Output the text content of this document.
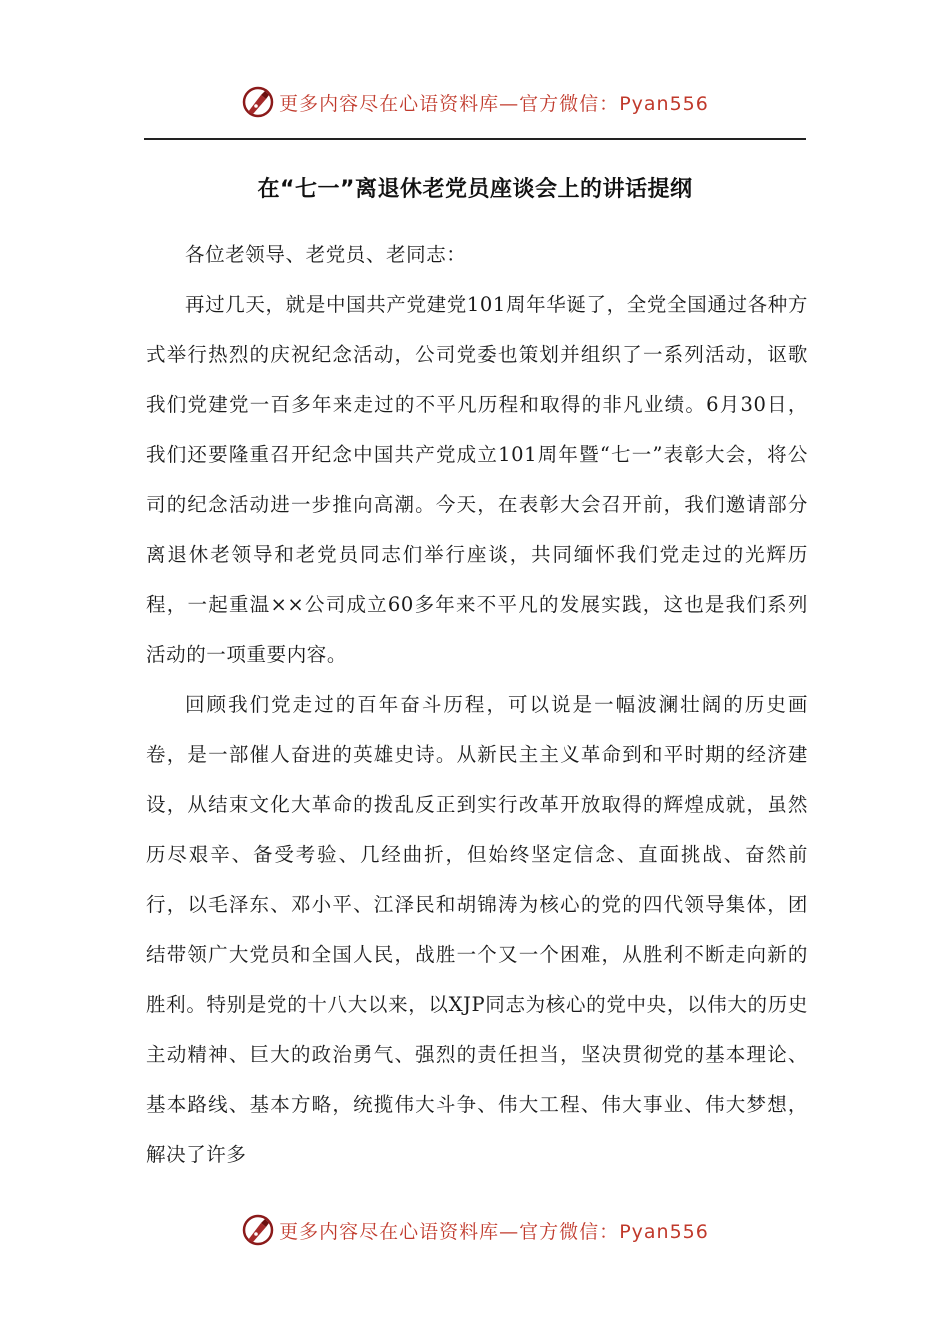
更多内容尽在心语资料库—官方微信：Pyan556
在“七一”离退休老党员座谈会上的讲话提纲

各位老领导、老党员、老同志：

再过几天，就是中国共产党建党101周年华诞了，全党全国通过各种方式举行热烈的庆祝纪念活动，公司党委也策划并组织了一系列活动，讴歌我们党建党一百多年来走过的不平凡历程和取得的非凡业绩。6月30日，我们还要隆重召开纪念中国共产党成立101周年暨“七一”表彰大会，将公司的纪念活动进一步推向高潮。今天，在表彰大会召开前，我们邀请部分离退休老领导和老党员同志们举行座谈，共同缅怀我们党走过的光辉历程，一起重温××公司成立60多年来不平凡的发展实践，这也是我们系列活动的一项重要内容。

回顾我们党走过的百年奋斗历程，可以说是一幅波澜壮阔的历史画卷，是一部催人奋进的英雄史诗。从新民主主义革命到和平时期的经济建设，从结束文化大革命的拨乱反正到实行改革开放取得的辉煌成就，虽然历尽艰辛、备受考验、几经曲折，但始终坚定信念、直面挑战、奋然前行，以毛泽东、邓小平、江泽民和胡锦涛为核心的党的四代领导集体，团结带领广大党员和全国人民，战胜一个又一个困难，从胜利不断走向新的胜利。特别是党的十八大以来，以XJP同志为核心的党中央，以伟大的历史主动精神、巨大的政治勇气、强烈的责任担当，坚决贯彻党的基本理论、基本路线、基本方略，统揽伟大斗争、伟大工程、伟大事业、伟大梦想，解决了许多

更多内容尽在心语资料库—官方微信：Pyan556
